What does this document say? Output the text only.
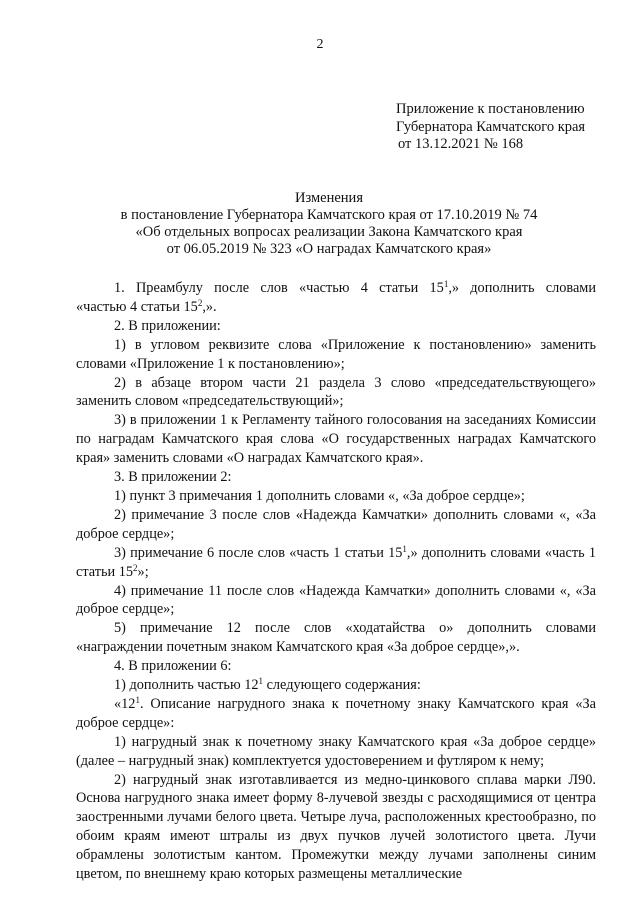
2
Приложение к постановлению
Губернатора Камчатского края
от 13.12.2021 № 168
Изменения
в постановление Губернатора Камчатского края от 17.10.2019 № 74
«Об отдельных вопросах реализации Закона Камчатского края
от 06.05.2019 № 323 «О наградах Камчатского края»

1. Преамбулу после слов «частью 4 статьи $15^1$,» дополнить словами

«частью 4 статьи $15^2$,».

2. В приложении:

1) в угловом реквизите слова «Приложение к постановлению» заменить словами «Приложение 1 к постановлению»;

2) в абзаце втором части 21 раздела 3 слово «председательствующего» заменить словом «председательствующий»;

3) в приложении 1 к Регламенту тайного голосования на заседаниях Комиссии по наградам Камчатского края слова «О государственных наградах Камчатского края» заменить словами «О наградах Камчатского края».

3. В приложении 2:

1) пункт 3 примечания 1 дополнить словами «, «За доброе сердце»;

2) примечание 3 после слов «Надежда Камчатки» дополнить словами «, «За доброе сердце»;

3) примечание 6 после слов «часть 1 статьи $15^1$,» дополнить словами «часть 1 статьи $15^2$»;

4) примечание 11 после слов «Надежда Камчатки» дополнить словами «, «За доброе сердце»;

5) примечание 12 после слов «ходатайства о» дополнить словами «награждении почетным знаком Камчатского края «За доброе сердце»,».

4. В приложении 6:

1) дополнить частью $12^1$ следующего содержания:

«$12^1$. Описание нагрудного знака к почетному знаку Камчатского края «За доброе сердце»:

1) нагрудный знак к почетному знаку Камчатского края «За доброе сердце» (далее – нагрудный знак) комплектуется удостоверением и футляром к нему;

2) нагрудный знак изготавливается из медно-цинкового сплава марки Л90. Основа нагрудного знака имеет форму 8-лучевой звезды с расходящимися от центра заостренными лучами белого цвета. Четыре луча, расположенных крестообразно, по обоим краям имеют штралы из двух пучков лучей золотистого цвета. Лучи обрамлены золотистым кантом. Промежутки между лучами заполнены синим цветом, по внешнему краю которых размещены металлические
